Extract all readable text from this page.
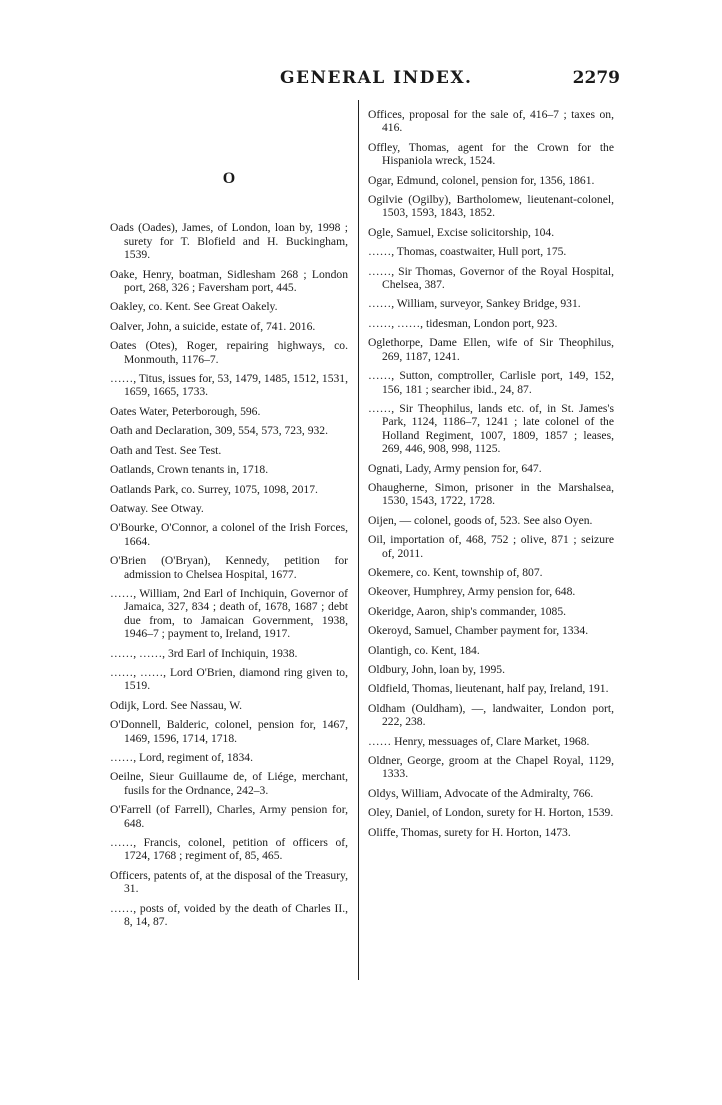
GENERAL INDEX.	2279
O

Oads (Oades), James, of London, loan by, 1998 ; surety for T. Blofield and H. Buckingham, 1539.

Oake, Henry, boatman, Sidlesham 268 ; London port, 268, 326 ; Faversham port, 445.

Oakley, co. Kent. See Great Oakely.

Oalver, John, a suicide, estate of, 741. 2016.

Oates (Otes), Roger, repairing highways, co. Monmouth, 1176–7.

……, Titus, issues for, 53, 1479, 1485, 1512, 1531, 1659, 1665, 1733.

Oates Water, Peterborough, 596.

Oath and Declaration, 309, 554, 573, 723, 932.

Oath and Test. See Test.

Oatlands, Crown tenants in, 1718.

Oatlands Park, co. Surrey, 1075, 1098, 2017.

Oatway. See Otway.

O'Bourke, O'Connor, a colonel of the Irish Forces, 1664.

O'Brien (O'Bryan), Kennedy, petition for admission to Chelsea Hospital, 1677.

……, William, 2nd Earl of Inchiquin, Governor of Jamaica, 327, 834 ; death of, 1678, 1687 ; debt due from, to Jamaican Government, 1938, 1946–7 ; payment to, Ireland, 1917.

……, ……, 3rd Earl of Inchiquin, 1938.

……, ……, Lord O'Brien, diamond ring given to, 1519.

Odijk, Lord. See Nassau, W.

O'Donnell, Balderic, colonel, pension for, 1467, 1469, 1596, 1714, 1718.

……, Lord, regiment of, 1834.

Oeilne, Sieur Guillaume de, of Liége, merchant, fusils for the Ordnance, 242–3.

O'Farrell (of Farrell), Charles, Army pension for, 648.

……, Francis, colonel, petition of officers of, 1724, 1768 ; regiment of, 85, 465.

Officers, patents of, at the disposal of the Treasury, 31.

……, posts of, voided by the death of Charles II., 8, 14, 87.

Offices, proposal for the sale of, 416–7 ; taxes on, 416.

Offley, Thomas, agent for the Crown for the Hispaniola wreck, 1524.

Ogar, Edmund, colonel, pension for, 1356, 1861.

Ogilvie (Ogilby), Bartholomew, lieutenant-colonel, 1503, 1593, 1843, 1852.

Ogle, Samuel, Excise solicitorship, 104.

……, Thomas, coastwaiter, Hull port, 175.

……, Sir Thomas, Governor of the Royal Hospital, Chelsea, 387.

……, William, surveyor, Sankey Bridge, 931.

……, ……, tidesman, London port, 923.

Oglethorpe, Dame Ellen, wife of Sir Theophilus, 269, 1187, 1241.

……, Sutton, comptroller, Carlisle port, 149, 152, 156, 181 ; searcher ibid., 24, 87.

……, Sir Theophilus, lands etc. of, in St. James's Park, 1124, 1186–7, 1241 ; late colonel of the Holland Regiment, 1007, 1809, 1857 ; leases, 269, 446, 908, 998, 1125.

Ognati, Lady, Army pension for, 647.

Ohaugherne, Simon, prisoner in the Marshalsea, 1530, 1543, 1722, 1728.

Oijen, — colonel, goods of, 523. See also Oyen.

Oil, importation of, 468, 752 ; olive, 871 ; seizure of, 2011.

Okemere, co. Kent, township of, 807.

Okeover, Humphrey, Army pension for, 648.

Okeridge, Aaron, ship's commander, 1085.

Okeroyd, Samuel, Chamber payment for, 1334.

Olantigh, co. Kent, 184.

Oldbury, John, loan by, 1995.

Oldfield, Thomas, lieutenant, half pay, Ireland, 191.

Oldham (Ouldham), —, landwaiter, London port, 222, 238.

…… Henry, messuages of, Clare Market, 1968.

Oldner, George, groom at the Chapel Royal, 1129, 1333.

Oldys, William, Advocate of the Admiralty, 766.

Oley, Daniel, of London, surety for H. Horton, 1539.

Oliffe, Thomas, surety for H. Horton, 1473.
